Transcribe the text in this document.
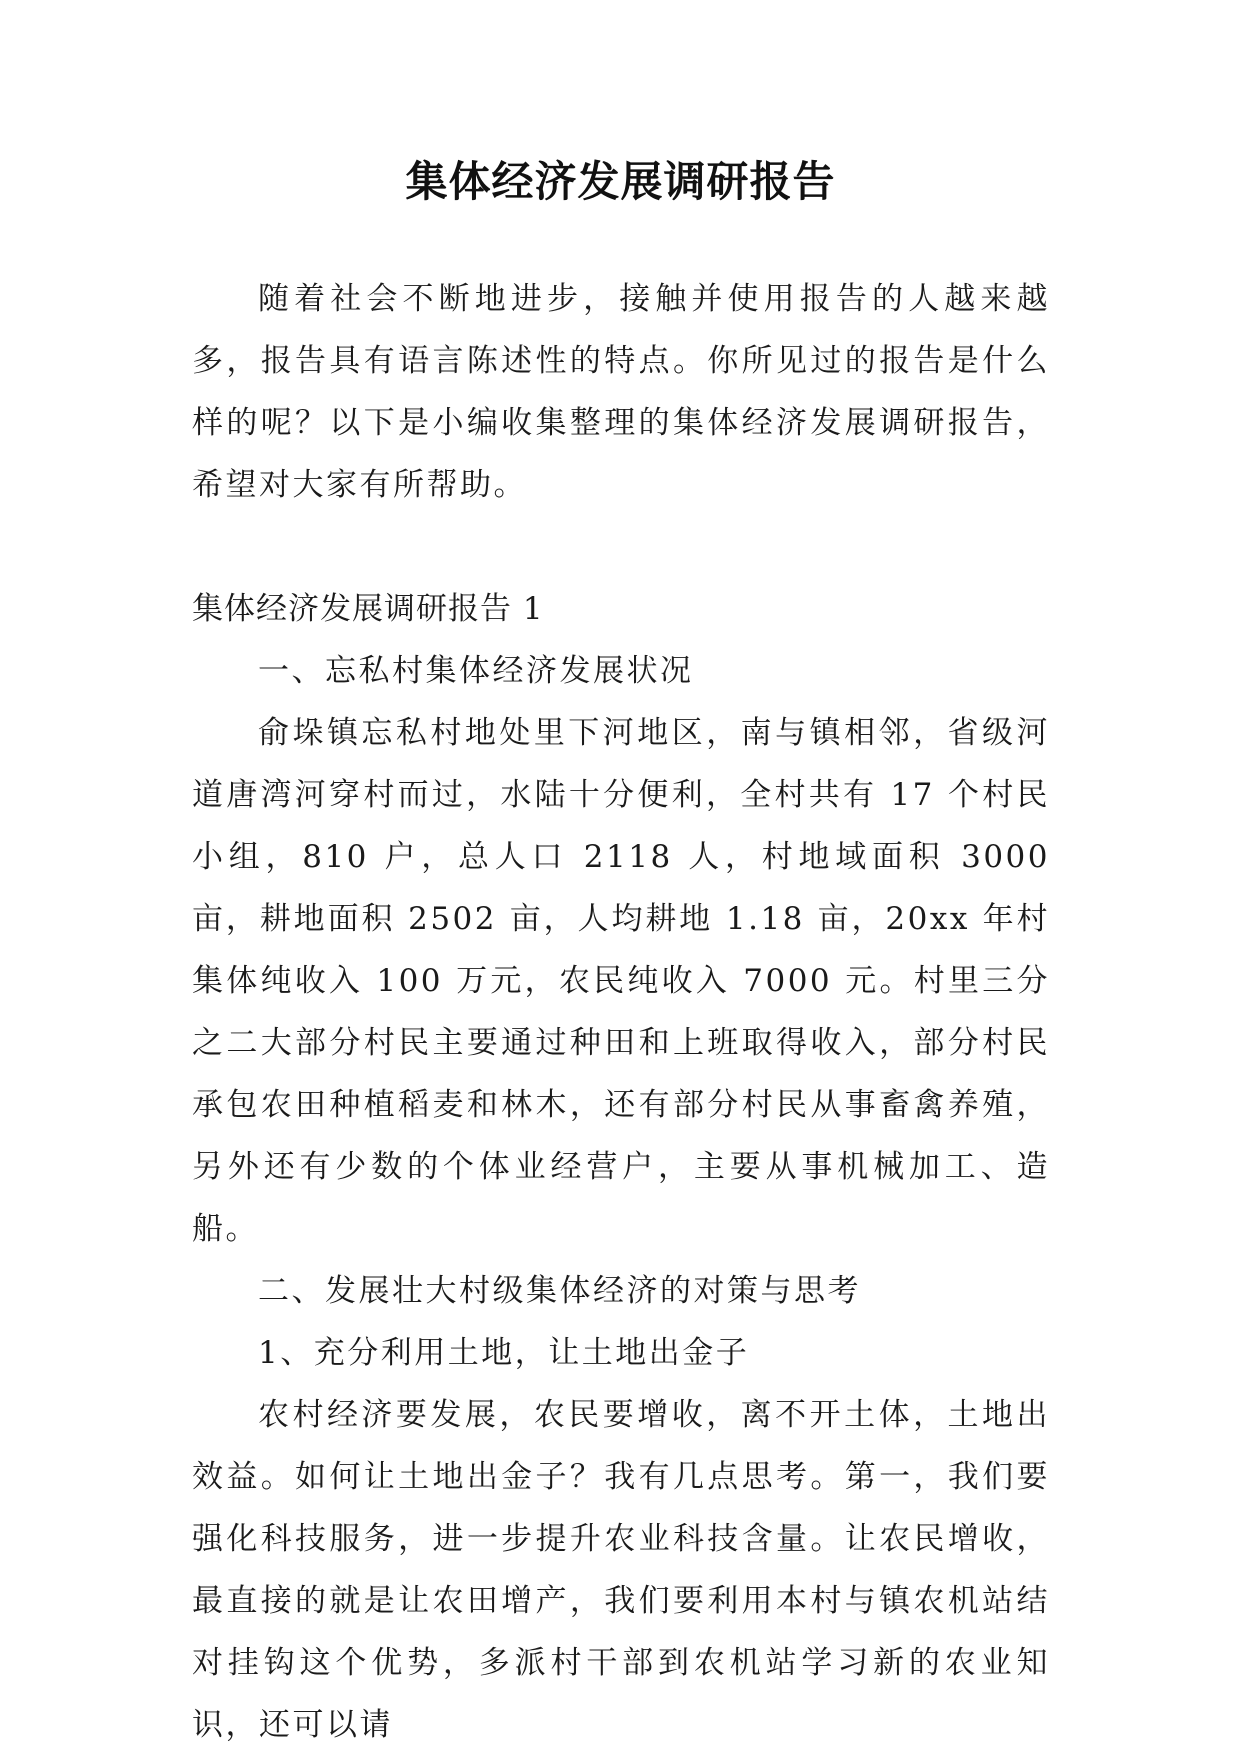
集体经济发展调研报告

随着社会不断地进步，接触并使用报告的人越来越多，报告具有语言陈述性的特点。你所见过的报告是什么样的呢？以下是小编收集整理的集体经济发展调研报告，希望对大家有所帮助。

集体经济发展调研报告 1

一、忘私村集体经济发展状况

俞垛镇忘私村地处里下河地区，南与镇相邻，省级河道唐湾河穿村而过，水陆十分便利，全村共有 17 个村民小组，810 户，总人口 2118 人，村地域面积 3000 亩，耕地面积 2502 亩，人均耕地 1.18 亩，20xx 年村集体纯收入 100 万元，农民纯收入 7000 元。村里三分之二大部分村民主要通过种田和上班取得收入，部分村民承包农田种植稻麦和林木，还有部分村民从事畜禽养殖，另外还有少数的个体业经营户，主要从事机械加工、造船。

二、发展壮大村级集体经济的对策与思考

1、充分利用土地，让土地出金子

农村经济要发展，农民要增收，离不开土体，土地出效益。如何让土地出金子？我有几点思考。第一，我们要强化科技服务，进一步提升农业科技含量。让农民增收，最直接的就是让农田增产，我们要利用本村与镇农机站结对挂钩这个优势，多派村干部到农机站学习新的农业知识，还可以请
